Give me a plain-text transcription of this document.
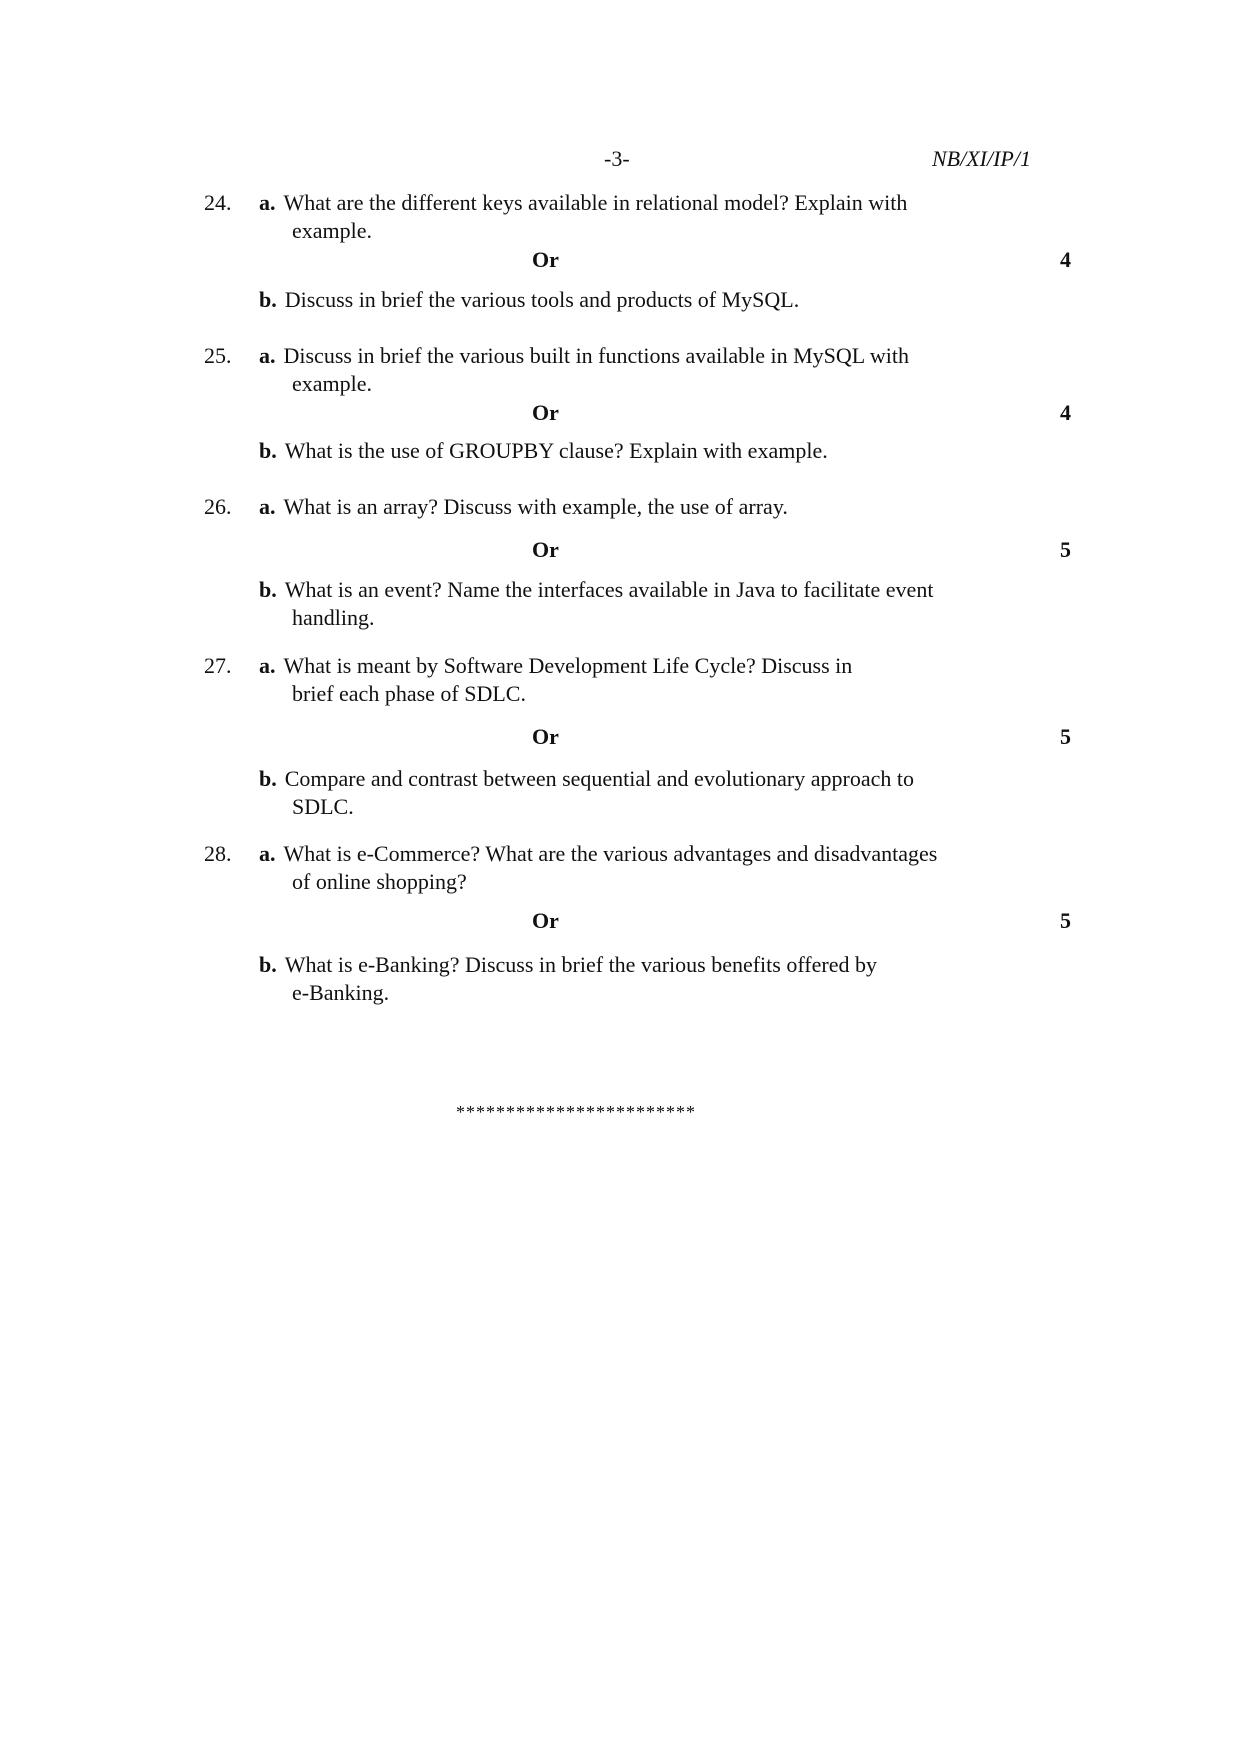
-3-	NB/XI/IP/1
24. a. What are the different keys available in relational model? Explain with
example.
Or	4
b. Discuss in brief the various tools and products of MySQL.
25. a. Discuss in brief the various built in functions available in MySQL with
example.
Or	4
b. What is the use of GROUPBY clause? Explain with example.
26. a. What is an array? Discuss with example, the use of array.
Or	5
b. What is an event? Name the interfaces available in Java to facilitate event
handling.
27. a. What is meant by Software Development Life Cycle? Discuss in
brief each phase of SDLC.
Or	5
b. Compare and contrast between sequential and evolutionary approach to
SDLC.
28. a. What is e-Commerce? What are the various advantages and disadvantages
of online shopping?
Or	5
b. What is e-Banking? Discuss in brief the various benefits offered by
e-Banking.
************************
